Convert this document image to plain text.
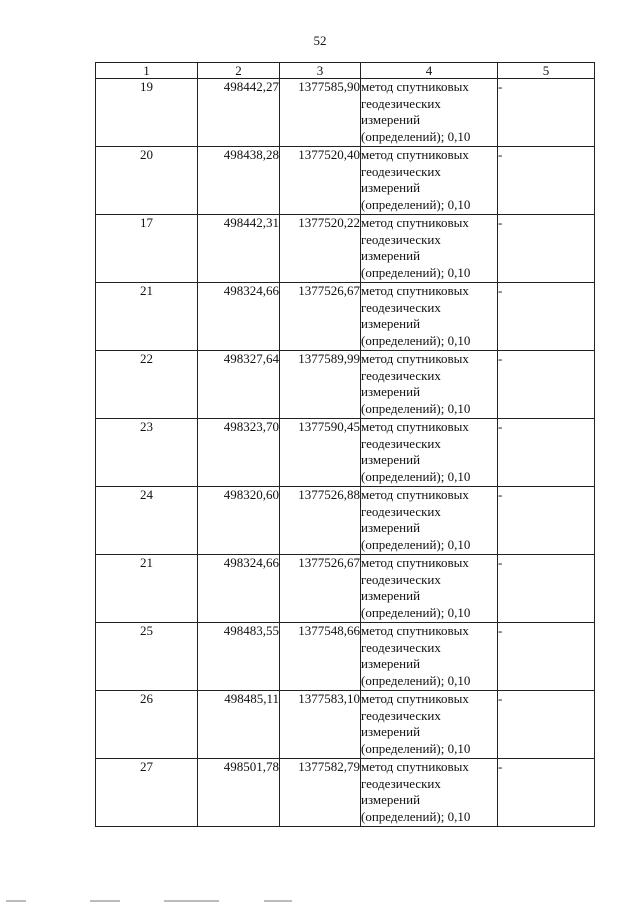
52
1	2	3	4	5
19	498442,27	1377585,90	метод спутниковых геодезических измерений (определений); 0,10	-
20	498438,28	1377520,40	метод спутниковых геодезических измерений (определений); 0,10	-
17	498442,31	1377520,22	метод спутниковых геодезических измерений (определений); 0,10	-
21	498324,66	1377526,67	метод спутниковых геодезических измерений (определений); 0,10	-
22	498327,64	1377589,99	метод спутниковых геодезических измерений (определений); 0,10	-
23	498323,70	1377590,45	метод спутниковых геодезических измерений (определений); 0,10	-
24	498320,60	1377526,88	метод спутниковых геодезических измерений (определений); 0,10	-
21	498324,66	1377526,67	метод спутниковых геодезических измерений (определений); 0,10	-
25	498483,55	1377548,66	метод спутниковых геодезических измерений (определений); 0,10	-
26	498485,11	1377583,10	метод спутниковых геодезических измерений (определений); 0,10	-
27	498501,78	1377582,79	метод спутниковых геодезических измерений (определений); 0,10	-
